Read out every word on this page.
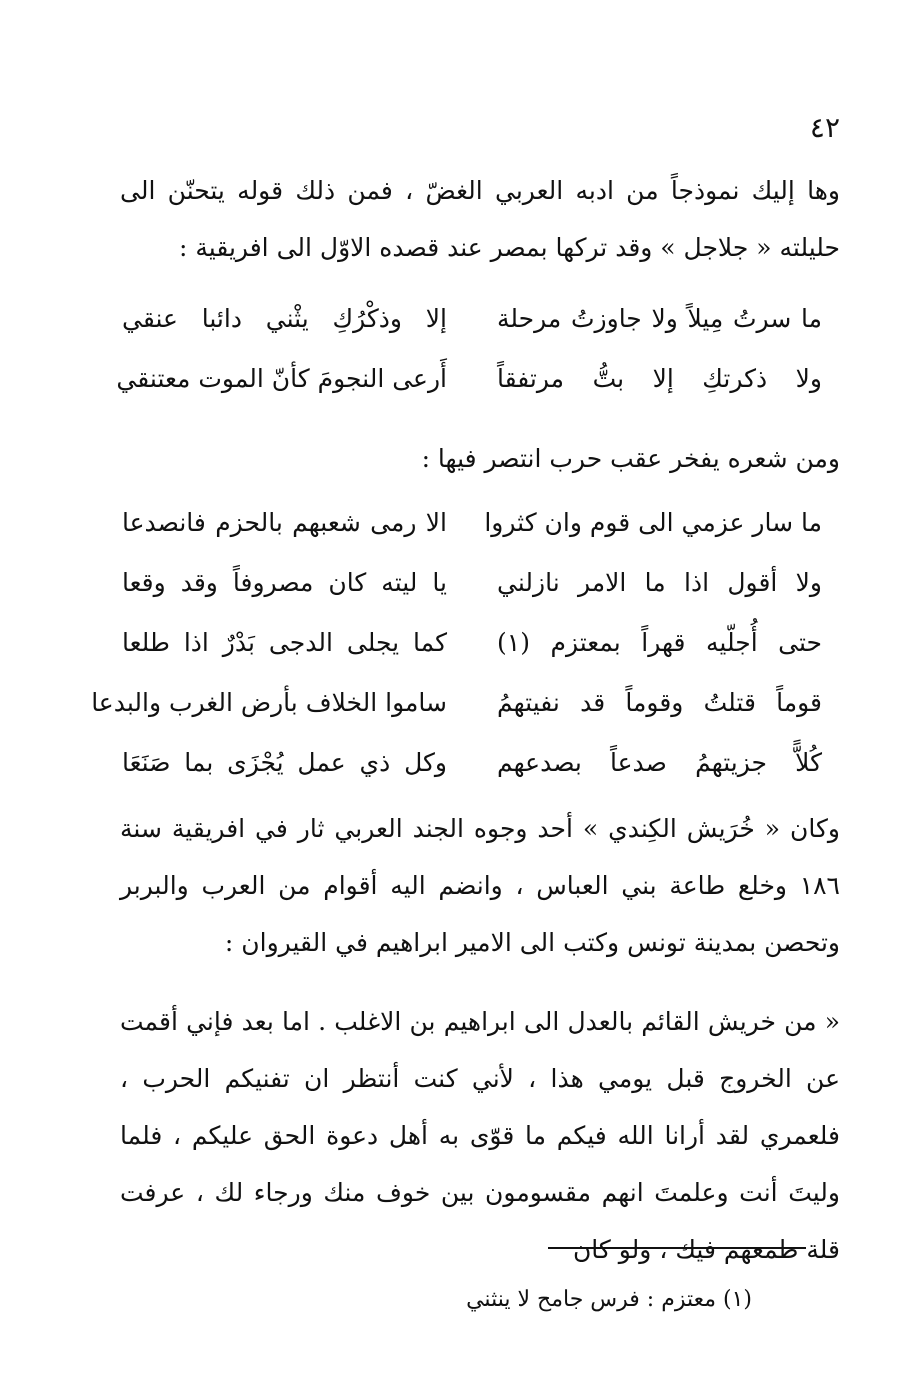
٤٢

وها إليك نموذجاً من ادبه العربي الغضّ ، فمن ذلك قوله يتحنّن الى حليلته « جلاجل » وقد تركها بمصر عند قصده الاوّل الى افريقية :

ما سرتُ مِيلاً ولا جاوزتُ مرحلة
إلا وذكْرُكِ يثْني دائبا عنقي
ولا ذكرتكِ إلا بتُّ مرتفقاً
أَرعى النجومَ كأنّ الموت معتنقي

ومن شعره يفخر عقب حرب انتصر فيها :

ما سار عزمي الى قوم وان كثروا
الا رمى شعبهم بالحزم فانصدعا
ولا أقول اذا ما الامر نازلني
يا ليته كان مصروفاً وقد وقعا
حتى أُجلّيه قهراً بمعتزم (١)
كما يجلى الدجى بَدْرٌ اذا طلعا
قوماً قتلتُ وقوماً قد نفيتهمُ
ساموا الخلاف بأرض الغرب والبدعا
كُلاًّ جزيتهمُ صدعاً بصدعهم
وكل ذي عمل يُجْزَى بما صَنَعَا

وكان « خُرَيش الكِندي » أحد وجوه الجند العربي ثار في افريقية سنة ١٨٦ وخلع طاعة بني العباس ، وانضم اليه أقوام من العرب والبربر وتحصن بمدينة تونس وكتب الى الامير ابراهيم في القيروان :

« من خريش القائم بالعدل الى ابراهيم بن الاغلب . اما بعد فإني أقمت عن الخروج قبل يومي هذا ، لأني كنت أنتظر ان تفنيكم الحرب ، فلعمري لقد أرانا الله فيكم ما قوّى به أهل دعوة الحق عليكم ، فلما وليتَ أنت وعلمتَ انهم مقسومون بين خوف منك ورجاء لك ، عرفت قلة طمعهم فيك ، ولو كان

(١) معتزم : فرس جامح لا ينثني
